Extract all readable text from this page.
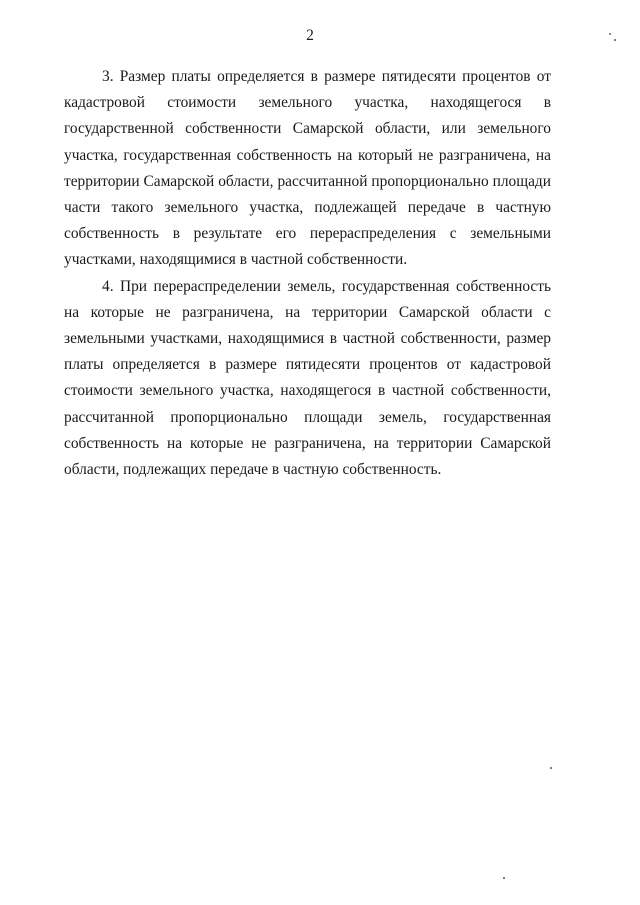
2

3. Размер платы определяется в размере пятидесяти процентов от кадастровой стоимости земельного участка, находящегося в государственной собственности Самарской области, или земельного участка, государственная собственность на который не разграничена, на территории Самарской области, рассчитанной пропорционально площади части такого земельного участка, подлежащей передаче в частную собственность в результате его перераспределения с земельными участками, находящимися в частной собственности.

4. При перераспределении земель, государственная собственность на которые не разграничена, на территории Самарской области с земельными участками, находящимися в частной собственности, размер платы определяется в размере пятидесяти процентов от кадастровой стоимости земельного участка, находящегося в частной собственности, рассчитанной пропорционально площади земель, государственная собственность на которые не разграничена, на территории Самарской области, подлежащих передаче в частную собственность.
